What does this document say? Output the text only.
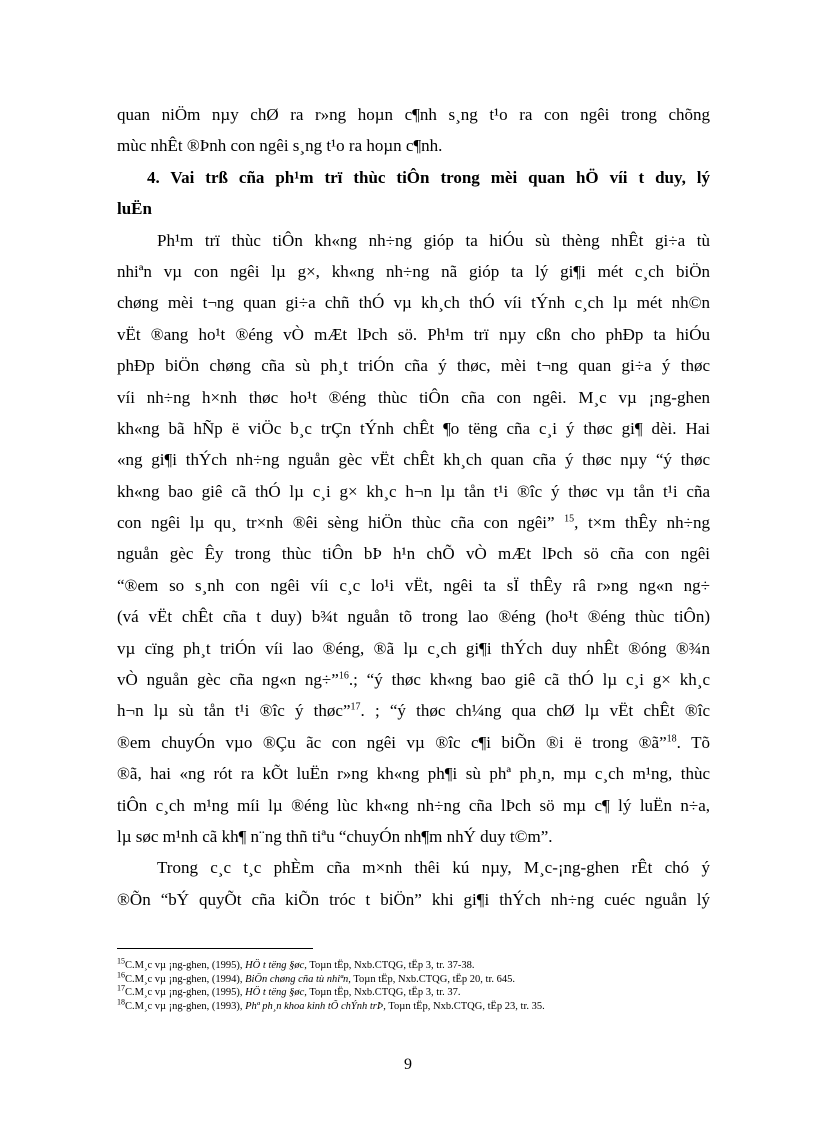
quan niÖm nµy chØ ra r»ng hoµn c¶nh s¸ng t¹o ra con ngêi trong chõng
mùc nhÊt ®Þnh con ngêi s¸ng t¹o ra hoµn c¶nh.

4. Vai trß cña ph¹m trï thùc tiÔn trong mèi quan hÖ víi t duy, lý
luËn

Ph¹m trï thùc tiÔn kh«ng nh÷ng gióp ta hiÓu sù thèng nhÊt gi÷a tù
nhiªn vµ con ngêi lµ g×, kh«ng nh÷ng nã gióp ta lý gi¶i mét c¸ch biÖn
chøng mèi t¬ng quan gi÷a chñ thÓ vµ kh¸ch thÓ víi tÝnh c¸ch lµ mét nh©n
vËt ®ang ho¹t ®éng vÒ mÆt lÞch sö. Ph¹m trï nµy cßn cho phÐp ta hiÓu
phÐp biÖn chøng cña sù ph¸t triÓn cña ý thøc, mèi t¬ng quan gi÷a ý thøc
víi nh÷ng h×nh thøc ho¹t ®éng thùc tiÔn cña con ngêi. M¸c vµ ¡ng-ghen
kh«ng bã hÑp ë viÖc b¸c trÇn tÝnh chÊt ¶o tëng cña c¸i ý thøc gi¶ dèi. Hai
«ng gi¶i thÝch nh÷ng nguån gèc vËt chÊt kh¸ch quan cña ý thøc nµy “ý thøc
kh«ng bao giê cã thÓ lµ c¸i g× kh¸c h¬n lµ tån t¹i ®îc ý thøc vµ tån t¹i cña
con ngêi lµ qu¸ tr×nh ®êi sèng hiÖn thùc cña con ngêi” $^{15}$, t×m thÊy nh÷ng
nguån gèc Êy trong thùc tiÔn bÞ h¹n chÕ vÒ mÆt lÞch sö cña con ngêi
“®em so s¸nh con ngêi víi c¸c lo¹i vËt, ngêi ta sÏ thÊy râ r»ng ng«n ng÷
(vá vËt chÊt cña t duy) b¾t nguån tõ trong lao ®éng (ho¹t ®éng thùc tiÔn)
vµ cïng ph¸t triÓn víi lao ®éng, ®ã lµ c¸ch gi¶i thÝch duy nhÊt ®óng ®¾n
vÒ nguån gèc cña ng«n ng÷”$^{16}$.; “ý thøc kh«ng bao giê cã thÓ lµ c¸i g× kh¸c
h¬n lµ sù tån t¹i ®îc ý thøc”$^{17}$. ; “ý thøc ch¼ng qua chØ lµ vËt chÊt ®îc
®em chuyÓn vµo ®Çu ãc con ngêi vµ ®îc c¶i biÕn ®i ë trong ®ã”$^{18}$. Tõ
®ã, hai «ng rót ra kÕt luËn r»ng kh«ng ph¶i sù phª ph¸n, mµ c¸ch m¹ng, thùc
tiÔn c¸ch m¹ng míi lµ ®éng lùc kh«ng nh÷ng cña lÞch sö mµ c¶ lý luËn n÷a,
lµ søc m¹nh cã kh¶ n¨ng thñ tiªu “chuyÓn nh¶m nhÝ duy t©m”.

Trong c¸c t¸c phÈm cña m×nh thêi kú nµy, M¸c-¡ng-ghen rÊt chó ý
®Õn “bÝ quyÕt cña kiÕn tróc t biÖn” khi gi¶i thÝch nh÷ng cuéc nguån lý

$^{15}$C.M¸c vµ ¡ng-ghen, (1995), HÖ t tëng §øc, Toµn tËp, Nxb.CTQG, tËp 3, tr. 37-38.
$^{16}$C.M¸c vµ ¡ng-ghen, (1994), BiÖn chøng cña tù nhiªn, Toµn tËp, Nxb.CTQG, tËp 20, tr. 645.
$^{17}$C.M¸c vµ ¡ng-ghen, (1995), HÖ t tëng §øc, Toµn tËp, Nxb.CTQG, tËp 3, tr. 37.
$^{18}$C.M¸c vµ ¡ng-ghen, (1993), Phª ph¸n khoa kinh tÕ chÝnh trÞ, Toµn tËp, Nxb.CTQG, tËp 23, tr. 35.
9
